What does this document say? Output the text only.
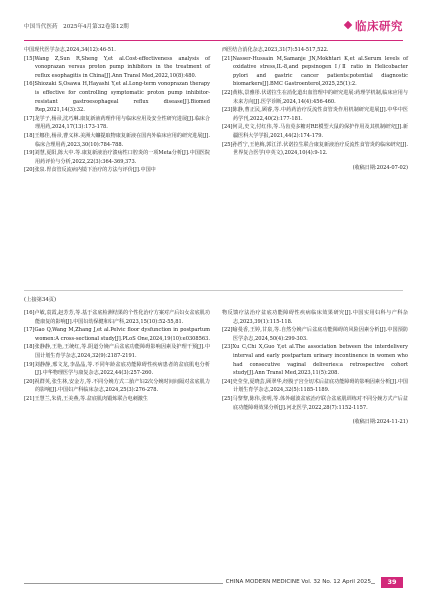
中国当代医药　2025年4月第32卷第12期	临床研究

中国现代医学杂志,2024,34(12):46-51.

[15]Wang Z,Sun R,Sheng Y,et al.Cost-effectiveness analysis of vonoprazan versus proton pump inhibitors in the treatment of reflux esophagitis in China[J].Ann Transl Med,2022,10(8):480.

[16]Shiozaki S,Osawa H,Hayashi Y,et al.Long-term vonoprazan therapy is effective for controlling symptomatic proton pump inhibitor-resistant gastroesophageal reflux disease[J].Biomed Rep,2021,14(3):32.

[17]龙学子,杨帚,沈巧琳.康复新液药理作用与临床应用及安全性研究进展[J].临床合理用药,2024,17(13):173-178.

[18]王娜佳,杨帚,曹义林.美洲大蠊提取物康复新液在国内外临床应用的研究进展[J].临床合理用药,2023,30(10):784-788.

[19]刘慧,夏阳,陈大中.等.康复新液治疗溃疡性口腔炎的一项Meta分析[J].中国医院用药评价与分析,2022,22(3):364-369,373.

[20]张泉.胃食管反流病内镜下治疗的方法与评价[J].中国中

西医结合消化杂志,2023,31(7):514-517,522.

[21]Nasser-Hussain M,Samanje JN,Mokhtari K,et al.Serum levels of oxidative stress,IL-8,and pepsinogen Ⅰ/Ⅱ ratio in Helicobacter pylori and gastric cancer patients:potential diagnostic biomarkers[J].BMC Gastroenterol,2025,25(1):2.

[22]黄栋,景雅彤.伏诺拉生在消化道出血管理中的研究进展:药理学机制,临床应用与未来方向[J].医学诊断,2024,14(4):456-460.

[23]陈静,曹正民,顾睿,等.中药药治疗反流性食管炎作用机制研究进展[J].中华中医药学刊,2022,40(2):177-181.

[24]何灵,史文,付红伟,等.马齿苋多糖对RE模型大鼠的保护作用及其机制研究[J].新疆医科大学学报,2021,44(2):174-179.

[25]孙哲宁,王艳梅,郭江洋.伏诺拉生联合康复新液治疗反流性食管炎的临床研究[J].世界复合医学(中英文),2024,10(4):9-12.

(收稿日期:2024-07-02)

(上接第34页)

[16]卢敏,袁霞,赵芳芳,等.基于盆底检测结果的个性化治疗方案对产后妇女盆底肌功能康复的影响[J].中国妇幼保健和妇产科,2023,15(10):52-55,81.

[17]Gao Q,Wang M,Zhang J,et al.Pelvic floor dysfunction in postpartum women:A cross-sectional study[J].PLoS One,2024,19(10):e0308563.

[18]张静静,王艳,王统红,等.阴道分娩产后盆底功能障碍影响因素及护理干预[J].中国计划生育学杂志,2024,32(9):2187-2191.

[19]刘静静,邢文龙,李晶晶,等.不同年龄盆底功能障碍性疾病患者的盆底肌电分析[J].中华物理医学与康复杂志,2022,44(3):257-260.

[20]祝群英,张生林,安金方,等.不同分娩方式二胎产妇2次分娩时间间隔对盆底肌力的影响[J].中国妇产科临床杂志,2024,25(3):276-278.

[21]王慧兰,朱倩,王美燕,等.盆底肌肉锻炼联合电刺激生

物反馈疗法治疗盆底功能障碍性疾病临床效果研究[J].中国实用妇科与产科杂志,2023,39(1):115-118.

[22]喻曼香,王婷,甘泉,等.自然分娩产后盆底功能障碍的风险因素分析[J].中国预防医学杂志,2024,50(4):299-303.

[23]Xu C,Chi X,Guo Y,et al.The association between the interdelivery interval and early postpartum urinary incontinence in women who had consecutive vaginal deliveries:a retrospective cohort study[J].Ann Transl Med,2023,11(5):208.

[24]史莹莹,夏晓芸,顾翠华,经腹子宫全切术后盆底功能障碍的影响因素分析[J].中国计划生育学杂志,2024,32(5):1185-1189.

[25]马黎黎,陈伟,张明,等.体外磁波盆底治疗联合盆底肌训练对不同分娩方式产后盆底功能障碍效果分析[J].河北医学,2022,28(7):1152-1157.

(收稿日期:2024-11-21)

CHINA MODERN MEDICINE Vol. 32 No. 12 April 2025	39
